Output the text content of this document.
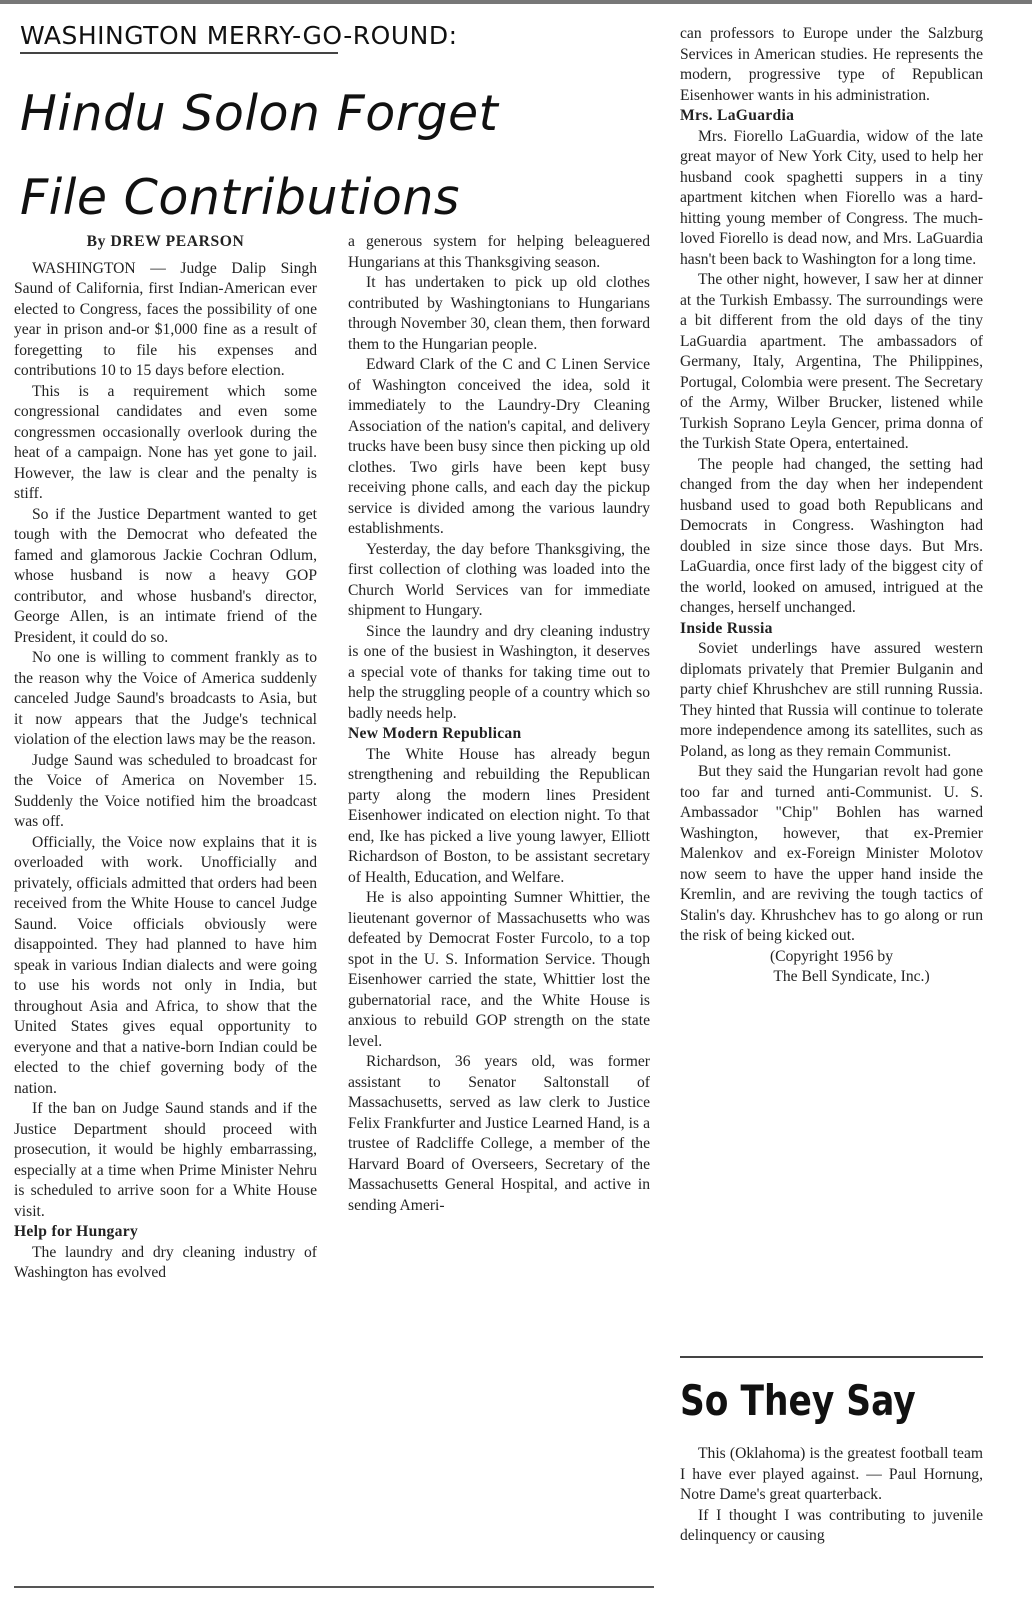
WASHINGTON MERRY-GO-ROUND:
Hindu Solon Forget
File Contributions

By DREW PEARSON

WASHINGTON — Judge Dalip Singh Saund of California, first Indian-American ever elected to Congress, faces the possibility of one year in prison and-or $1,000 fine as a result of foregetting to file his expenses and contributions 10 to 15 days before election.

This is a requirement which some congressional candidates and even some congressmen occasionally overlook during the heat of a campaign. None has yet gone to jail. However, the law is clear and the penalty is stiff.

So if the Justice Department wanted to get tough with the Democrat who defeated the famed and glamorous Jackie Cochran Odlum, whose husband is now a heavy GOP contributor, and whose husband's director, George Allen, is an intimate friend of the President, it could do so.

No one is willing to comment frankly as to the reason why the Voice of America suddenly canceled Judge Saund's broadcasts to Asia, but it now appears that the Judge's technical violation of the election laws may be the reason.

Judge Saund was scheduled to broadcast for the Voice of America on November 15. Suddenly the Voice notified him the broadcast was off.

Officially, the Voice now explains that it is overloaded with work. Unofficially and privately, officials admitted that orders had been received from the White House to cancel Judge Saund. Voice officials obviously were disappointed. They had planned to have him speak in various Indian dialects and were going to use his words not only in India, but throughout Asia and Africa, to show that the United States gives equal opportunity to everyone and that a native-born Indian could be elected to the chief governing body of the nation.

If the ban on Judge Saund stands and if the Justice Department should proceed with prosecution, it would be highly embarrassing, especially at a time when Prime Minister Nehru is scheduled to arrive soon for a White House visit.

Help for Hungary

The laundry and dry cleaning industry of Washington has evolved

a generous system for helping beleaguered Hungarians at this Thanksgiving season.

It has undertaken to pick up old clothes contributed by Washingtonians to Hungarians through November 30, clean them, then forward them to the Hungarian people.

Edward Clark of the C and C Linen Service of Washington conceived the idea, sold it immediately to the Laundry-Dry Cleaning Association of the nation's capital, and delivery trucks have been busy since then picking up old clothes. Two girls have been kept busy receiving phone calls, and each day the pickup service is divided among the various laundry establishments.

Yesterday, the day before Thanksgiving, the first collection of clothing was loaded into the Church World Services van for immediate shipment to Hungary.

Since the laundry and dry cleaning industry is one of the busiest in Washington, it deserves a special vote of thanks for taking time out to help the struggling people of a country which so badly needs help.

New Modern Republican

The White House has already begun strengthening and rebuilding the Republican party along the modern lines President Eisenhower indicated on election night. To that end, Ike has picked a live young lawyer, Elliott Richardson of Boston, to be assistant secretary of Health, Education, and Welfare.

He is also appointing Sumner Whittier, the lieutenant governor of Massachusetts who was defeated by Democrat Foster Furcolo, to a top spot in the U. S. Information Service. Though Eisenhower carried the state, Whittier lost the gubernatorial race, and the White House is anxious to rebuild GOP strength on the state level.

Richardson, 36 years old, was former assistant to Senator Saltonstall of Massachusetts, served as law clerk to Justice Felix Frankfurter and Justice Learned Hand, is a trustee of Radcliffe College, a member of the Harvard Board of Overseers, Secretary of the Massachusetts General Hospital, and active in sending Ameri-

can professors to Europe under the Salzburg Services in American studies. He represents the modern, progressive type of Republican Eisenhower wants in his administration.

Mrs. LaGuardia

Mrs. Fiorello LaGuardia, widow of the late great mayor of New York City, used to help her husband cook spaghetti suppers in a tiny apartment kitchen when Fiorello was a hard-hitting young member of Congress. The much-loved Fiorello is dead now, and Mrs. LaGuardia hasn't been back to Washington for a long time.

The other night, however, I saw her at dinner at the Turkish Embassy. The surroundings were a bit different from the old days of the tiny LaGuardia apartment. The ambassadors of Germany, Italy, Argentina, The Philippines, Portugal, Colombia were present. The Secretary of the Army, Wilber Brucker, listened while Turkish Soprano Leyla Gencer, prima donna of the Turkish State Opera, entertained.

The people had changed, the setting had changed from the day when her independent husband used to goad both Republicans and Democrats in Congress. Washington had doubled in size since those days. But Mrs. LaGuardia, once first lady of the biggest city of the world, looked on amused, intrigued at the changes, herself unchanged.

Inside Russia

Soviet underlings have assured western diplomats privately that Premier Bulganin and party chief Khrushchev are still running Russia. They hinted that Russia will continue to tolerate more independence among its satellites, such as Poland, as long as they remain Communist.

But they said the Hungarian revolt had gone too far and turned anti-Communist. U. S. Ambassador "Chip" Bohlen has warned Washington, however, that ex-Premier Malenkov and ex-Foreign Minister Molotov now seem to have the upper hand inside the Kremlin, and are reviving the tough tactics of Stalin's day. Khrushchev has to go along or run the risk of being kicked out.

(Copyright 1956 by

The Bell Syndicate, Inc.)

So They Say

This (Oklahoma) is the greatest football team I have ever played against. — Paul Hornung, Notre Dame's great quarterback.

If I thought I was contributing to juvenile delinquency or causing
